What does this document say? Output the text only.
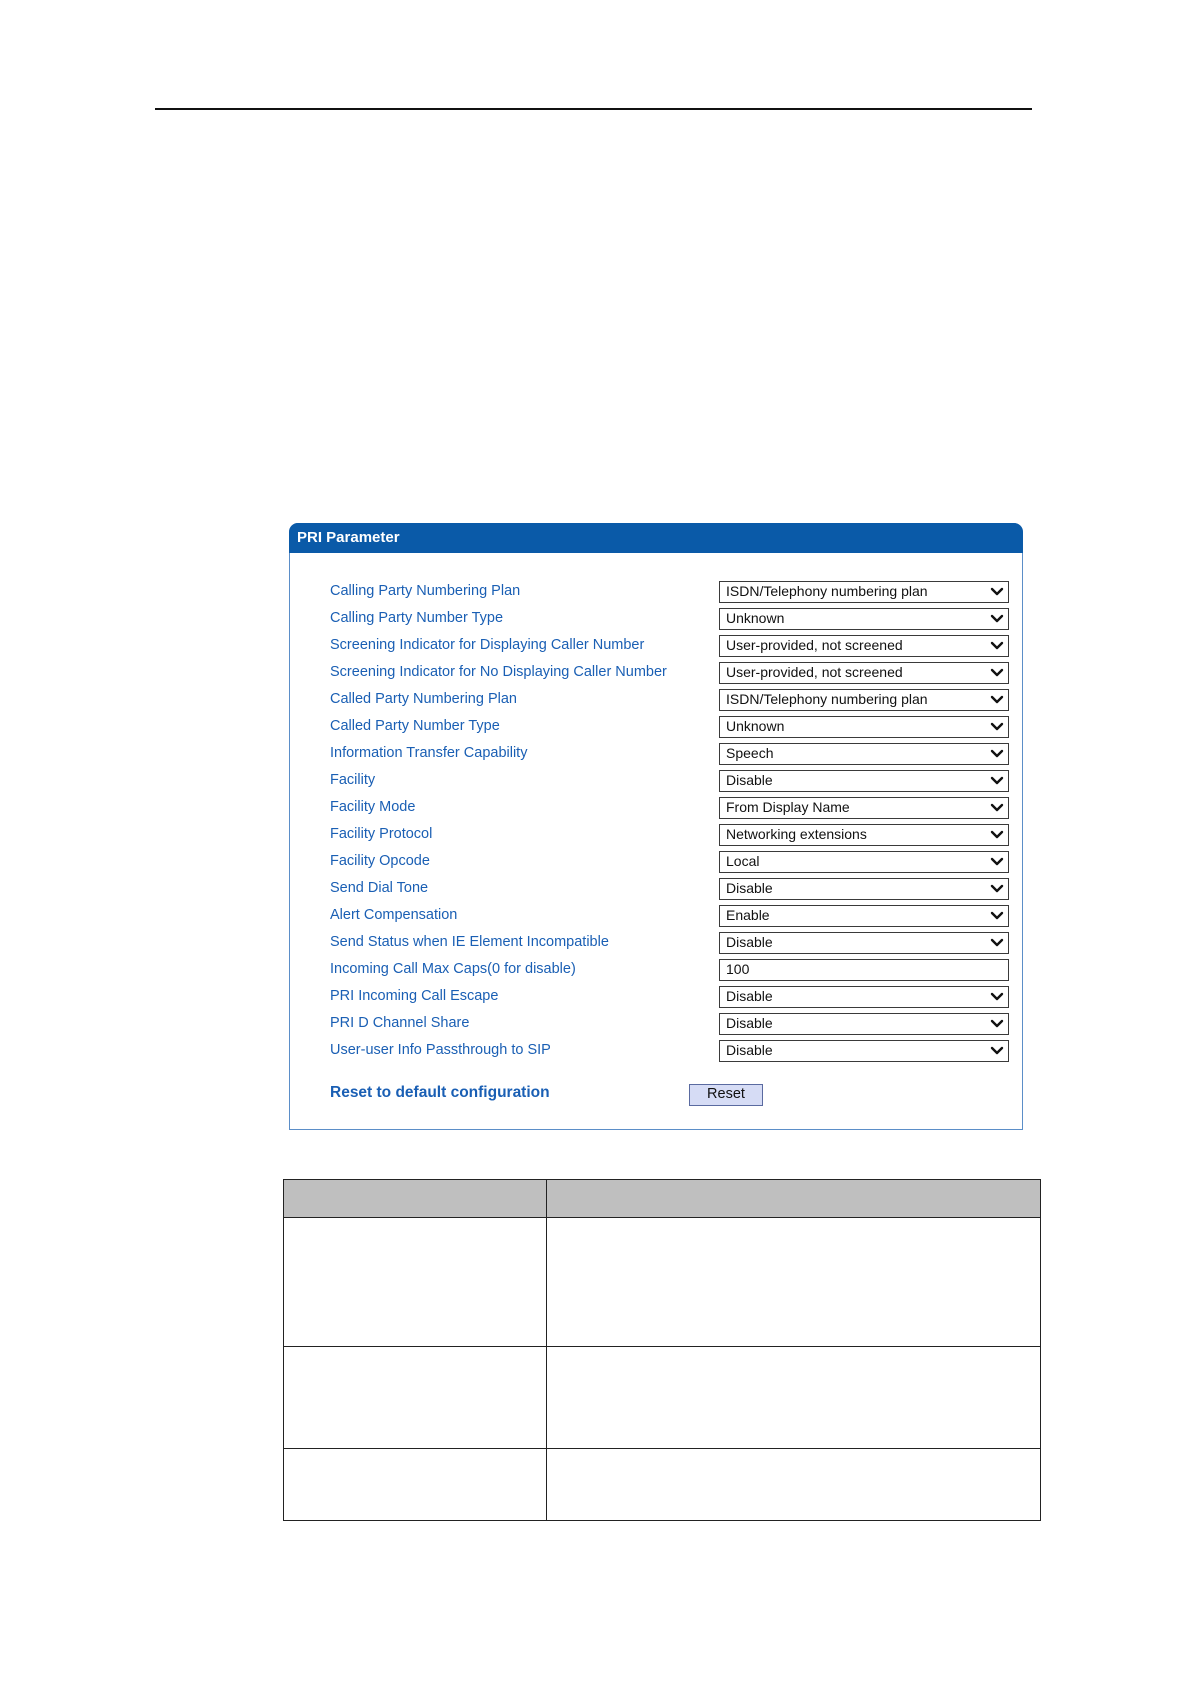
PRI Parameter
Calling Party Numbering Plan	ISDN/Telephony numbering plan
Calling Party Number Type	Unknown
Screening Indicator for Displaying Caller Number	User-provided, not screened
Screening Indicator for No Displaying Caller Number	User-provided, not screened
Called Party Numbering Plan	ISDN/Telephony numbering plan
Called Party Number Type	Unknown
Information Transfer Capability	Speech
Facility	Disable
Facility Mode	From Display Name
Facility Protocol	Networking extensions
Facility Opcode	Local
Send Dial Tone	Disable
Alert Compensation	Enable
Send Status when IE Element Incompatible	Disable
Incoming Call Max Caps(0 for disable)	100
PRI Incoming Call Escape	Disable
PRI D Channel Share	Disable
User-user Info Passthrough to SIP	Disable
Reset to default configuration	Reset
